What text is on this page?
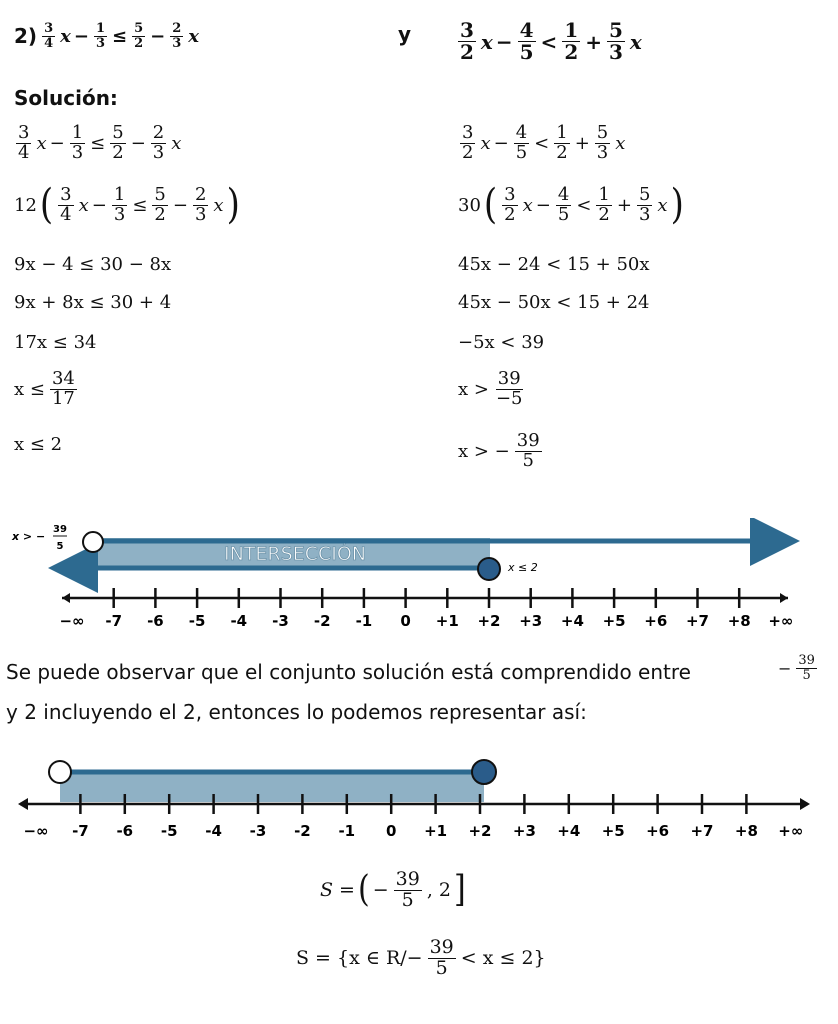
$2) \frac{3}{4}$ $x - \frac{1}{3} \le \frac{5}{2} - \frac{2}{3}$ x	y $\frac{3}{2}$ $x - \frac{4}{5} < \frac{1}{2} + \frac{5}{3}$ x
Solución:
$\frac{3}{4}$ $x - \frac{1}{3} \le \frac{5}{2} - \frac{2}{3}$ x
12 ( $\frac{3}{4}$ $x - \frac{1}{3} \le \frac{5}{2} - \frac{2}{3}$ x )
9x − 4 ≤ 30 − 8x
9x + 8x ≤ 30 + 4
17x ≤ 34
$x \le \frac{34}{17}$
x ≤ 2
$\frac{3}{2}$ $x - \frac{4}{5} < \frac{1}{2} + \frac{5}{3}$ x
30 ( $\frac{3}{2}$ $x - \frac{4}{5} < \frac{1}{2} + \frac{5}{3}$ x )
45x − 24 < 15 + 50x
45x − 50x < 15 + 24
−5x < 39
$x > \frac{39}{-5}$
x > − $\frac{39}{5}$
INTERSECCIÓN
x > −
39
5
x ≤ 2
−∞ -7 -6 -5 -4 -3 -2 -1 0 +1 +2 +3 +4 +5 +6 +7 +8 +∞
Se puede observar que el conjunto solución está comprendido entre	− $\frac{39}{5}$
y 2 incluyendo el 2, entonces lo podemos representar así:
−∞ -7 -6 -5 -4 -3 -2 -1 0 +1 +2 +3 +4 +5 +6 +7 +8 +∞
S = ( − $\frac{39}{5}$ , 2 ]
S = {x ∈ $R/- \frac{39}{5} < x \le 2$}
